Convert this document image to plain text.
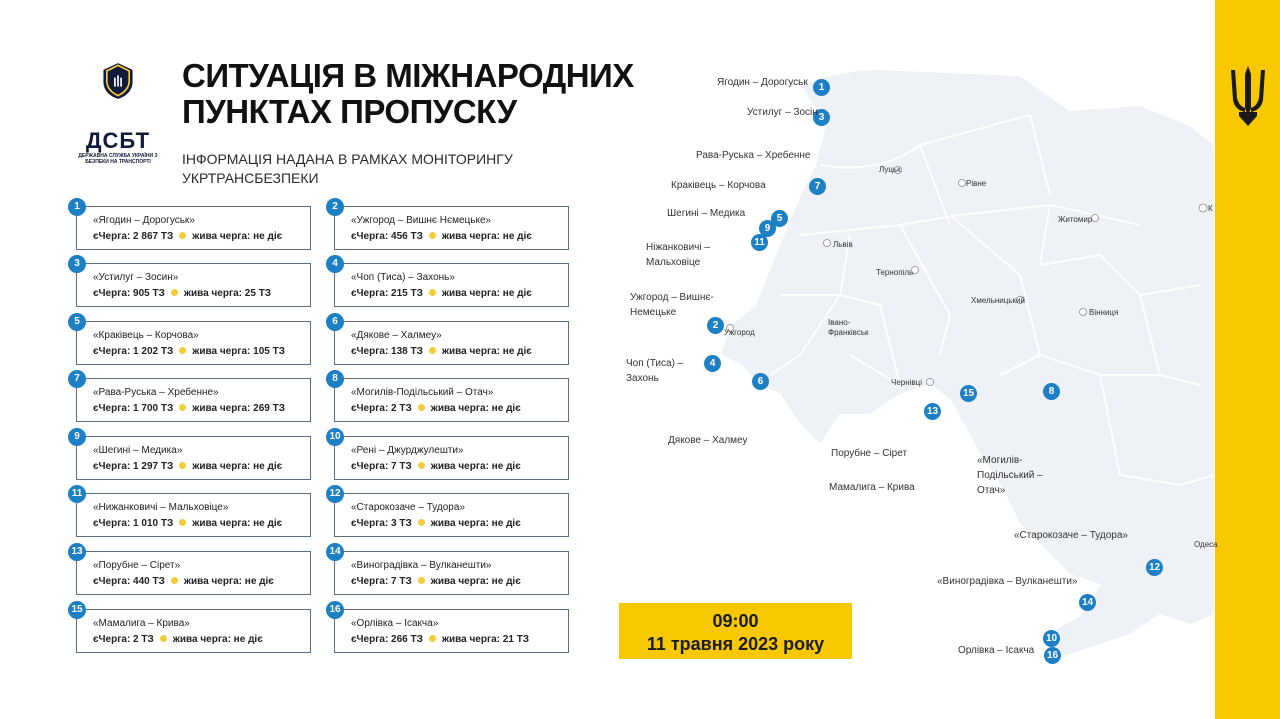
ДСБТ
ДЕРЖАВНА СЛУЖБА УКРАЇНИ З БЕЗПЕКИ НА ТРАНСПОРТІ
СИТУАЦІЯ В МІЖНАРОДНИХ ПУНКТАХ ПРОПУСКУ
ІНФОРМАЦІЯ НАДАНА В РАМКАХ МОНІТОРИНГУ УКРТРАНСБЕЗПЕКИ
1
«Ягодин – Дорогуськ»
єЧерга: 2 867 ТЗ жива черга: не діє
2
«Ужгород – Вишнє Нємецьке»
єЧерга: 456 ТЗ жива черга: не діє
3
«Устилуг – Зосин»
єЧерга: 905 ТЗ жива черга: 25 ТЗ
4
«Чоп (Тиса) – Захонь»
єЧерга: 215 ТЗ жива черга: не діє
5
«Краківець – Корчова»
єЧерга: 1 202 ТЗ жива черга: 105 ТЗ
6
«Дякове – Халмеу»
єЧерга: 138 ТЗ жива черга: не діє
7
«Рава-Руська – Хребенне»
єЧерга: 1 700 ТЗ жива черга: 269 ТЗ
8
«Могилів-Подільський – Отач»
єЧерга: 2 ТЗ жива черга: не діє
9
«Шегині – Медика»
єЧерга: 1 297 ТЗ жива черга: не діє
10
«Рені – Джурджулешти»
єЧерга: 7 ТЗ жива черга: не діє
11
«Нижанковичі – Мальховіце»
єЧерга: 1 010 ТЗ жива черга: не діє
12
«Старокозаче – Тудора»
єЧерга: 3 ТЗ жива черга: не діє
13
«Порубне – Сірет»
єЧерга: 440 ТЗ жива черга: не діє
14
«Виноградівка – Вулканешти»
єЧерга: 7 ТЗ жива черга: не діє
15
«Мамалига – Крива»
єЧерга: 2 ТЗ жива черга: не діє
16
«Орлівка – Ісакча»
єЧерга: 266 ТЗ жива черга: 21 ТЗ
09:00
11 травня 2023 року
1
Ягодин – Дорогуськ
3
Устилуг – Зосін
7
Рава-Руська – Хребенне
5
Краківець – Корчова
9
Шегині – Медика
11
Ніжанковичі – Мальховіце
2
Ужгород – Вишнє-Немецьке
4
Чоп (Тиса) – Захонь	6
Дякове – Халмеу
13
Порубне – Сірет
15
Мамалига – Крива
8
«Могилів-Подільський – Отач»
12
«Старокозаче – Тудора»
14
«Виноградівка – Вулканешти»
10
16
Орлівка – Ісакча
Луцьк
Рівне
Житомир
Львів
Тернопіль
Хмельницький
Вінниця
Івано-Франківськ
Ужгород
Чернівці
Одеса
К
